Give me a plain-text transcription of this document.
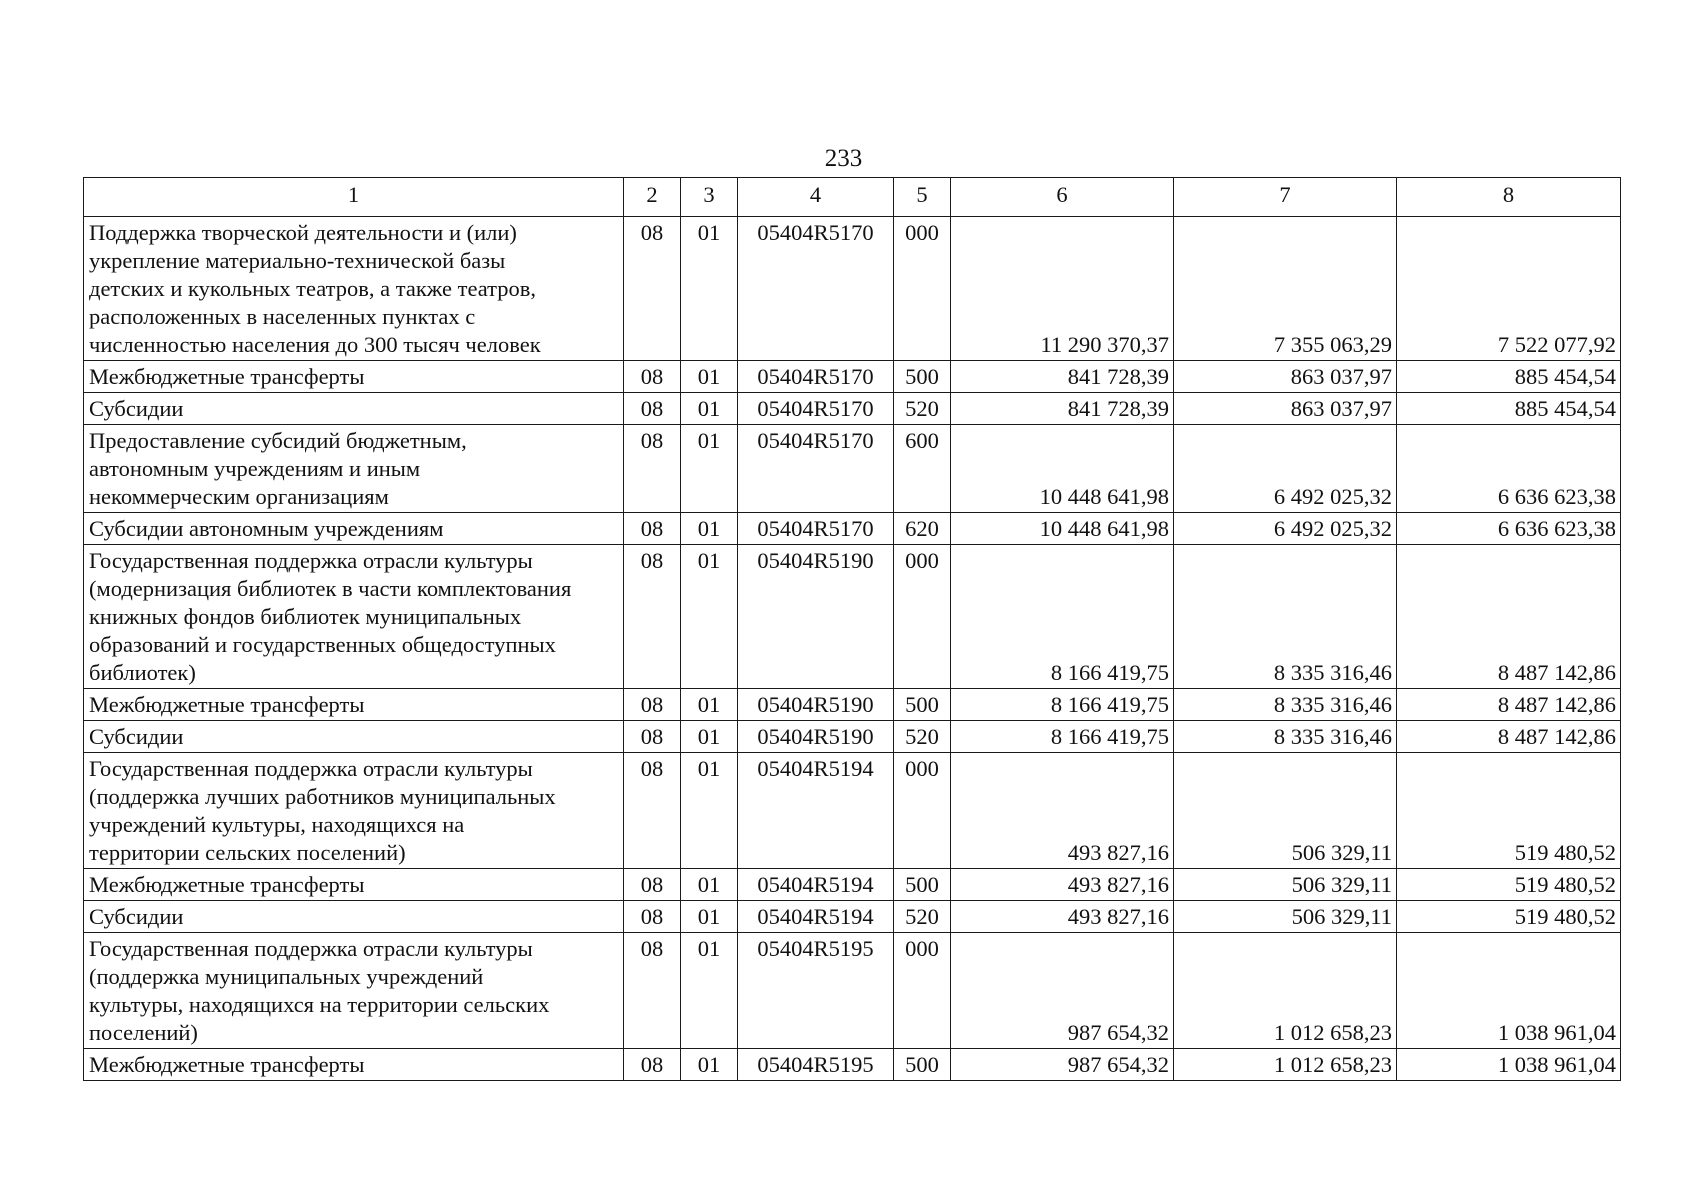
233
1	2	3	4	5	6	7	8

Поддержка творческой деятельности и (или)
укрепление материально-технической базы
детских и кукольных театров, а также театров,
расположенных в населенных пунктах с
численностью населения до 300 тысяч человек	08	01	05404R5170	000	11 290 370,37	7 355 063,29	7 522 077,92

Межбюджетные трансферты	08	01	05404R5170	500	841 728,39	863 037,97	885 454,54

Субсидии	08	01	05404R5170	520	841 728,39	863 037,97	885 454,54

Предоставление субсидий бюджетным,
автономным учреждениям и иным
некоммерческим организациям	08	01	05404R5170	600	10 448 641,98	6 492 025,32	6 636 623,38

Субсидии автономным учреждениям	08	01	05404R5170	620	10 448 641,98	6 492 025,32	6 636 623,38

Государственная поддержка отрасли культуры
(модернизация библиотек в части комплектования
книжных фондов библиотек муниципальных
образований и государственных общедоступных
библиотек)	08	01	05404R5190	000	8 166 419,75	8 335 316,46	8 487 142,86

Межбюджетные трансферты	08	01	05404R5190	500	8 166 419,75	8 335 316,46	8 487 142,86

Субсидии	08	01	05404R5190	520	8 166 419,75	8 335 316,46	8 487 142,86

Государственная поддержка отрасли культуры
(поддержка лучших работников муниципальных
учреждений культуры, находящихся на
территории сельских поселений)	08	01	05404R5194	000	493 827,16	506 329,11	519 480,52

Межбюджетные трансферты	08	01	05404R5194	500	493 827,16	506 329,11	519 480,52

Субсидии	08	01	05404R5194	520	493 827,16	506 329,11	519 480,52

Государственная поддержка отрасли культуры
(поддержка муниципальных учреждений
культуры, находящихся на территории сельских
поселений)	08	01	05404R5195	000	987 654,32	1 012 658,23	1 038 961,04

Межбюджетные трансферты	08	01	05404R5195	500	987 654,32	1 012 658,23	1 038 961,04
